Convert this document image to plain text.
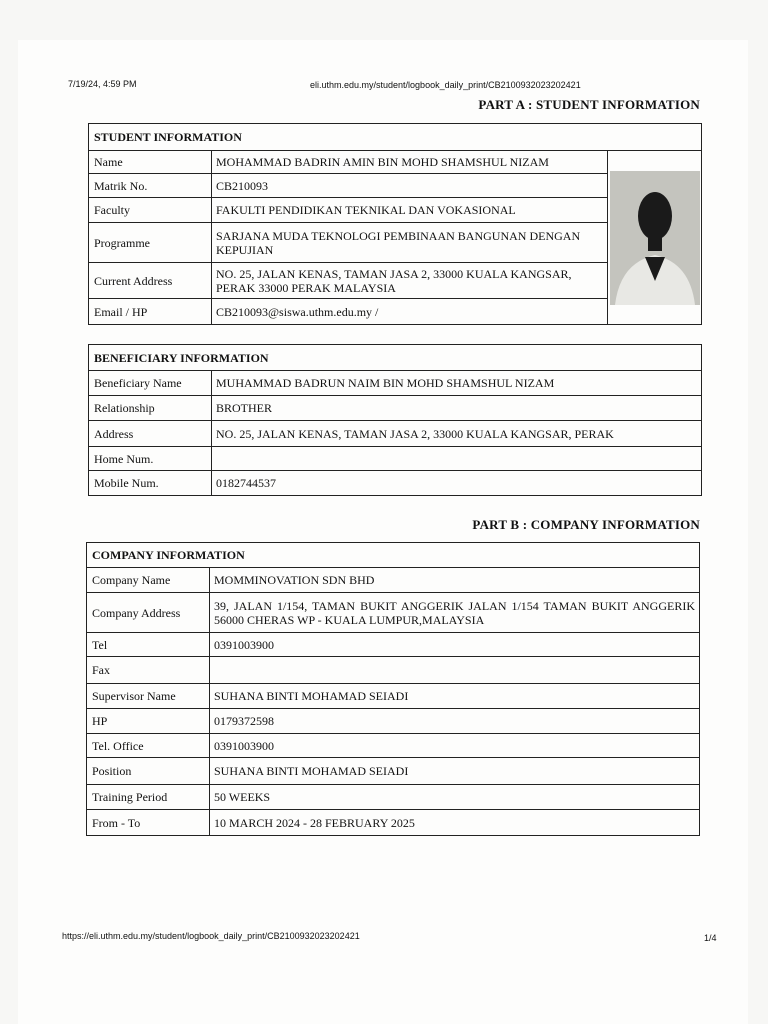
7/19/24, 4:59 PM	eli.uthm.edu.my/student/logbook_daily_print/CB2100932023202421
PART A : STUDENT INFORMATION
STUDENT INFORMATION		
Name	MOHAMMAD BADRIN AMIN BIN MOHD SHAMSHUL NIZAM	

Matrik No.	CB210093	
Faculty	FAKULTI PENDIDIKAN TEKNIKAL DAN VOKASIONAL	
Programme	SARJANA MUDA TEKNOLOGI PEMBINAAN BANGUNAN DENGAN KEPUJIAN	
Current Address	NO. 25, JALAN KENAS, TAMAN JASA 2, 33000 KUALA KANGSAR, PERAK 33000 PERAK MALAYSIA	
Email / HP	CB210093@siswa.uthm.edu.my /	
BENEFICIARY INFORMATION	
Beneficiary Name	MUHAMMAD BADRUN NAIM BIN MOHD SHAMSHUL NIZAM
Relationship	BROTHER
Address	NO. 25, JALAN KENAS, TAMAN JASA 2, 33000 KUALA KANGSAR, PERAK
Home Num.	
Mobile Num.	0182744537
PART B : COMPANY INFORMATION
COMPANY INFORMATION	
Company Name	MOMMINOVATION SDN BHD
Company Address	39, JALAN 1/154, TAMAN BUKIT ANGGERIK JALAN 1/154 TAMAN BUKIT ANGGERIK 56000 CHERAS WP - KUALA LUMPUR,MALAYSIA
Tel	0391003900
Fax	
Supervisor Name	SUHANA BINTI MOHAMAD SEIADI
HP	0179372598
Tel. Office	0391003900
Position	SUHANA BINTI MOHAMAD SEIADI
Training Period	50 WEEKS
From - To	10 MARCH 2024 - 28 FEBRUARY 2025
https://eli.uthm.edu.my/student/logbook_daily_print/CB2100932023202421	1/4
